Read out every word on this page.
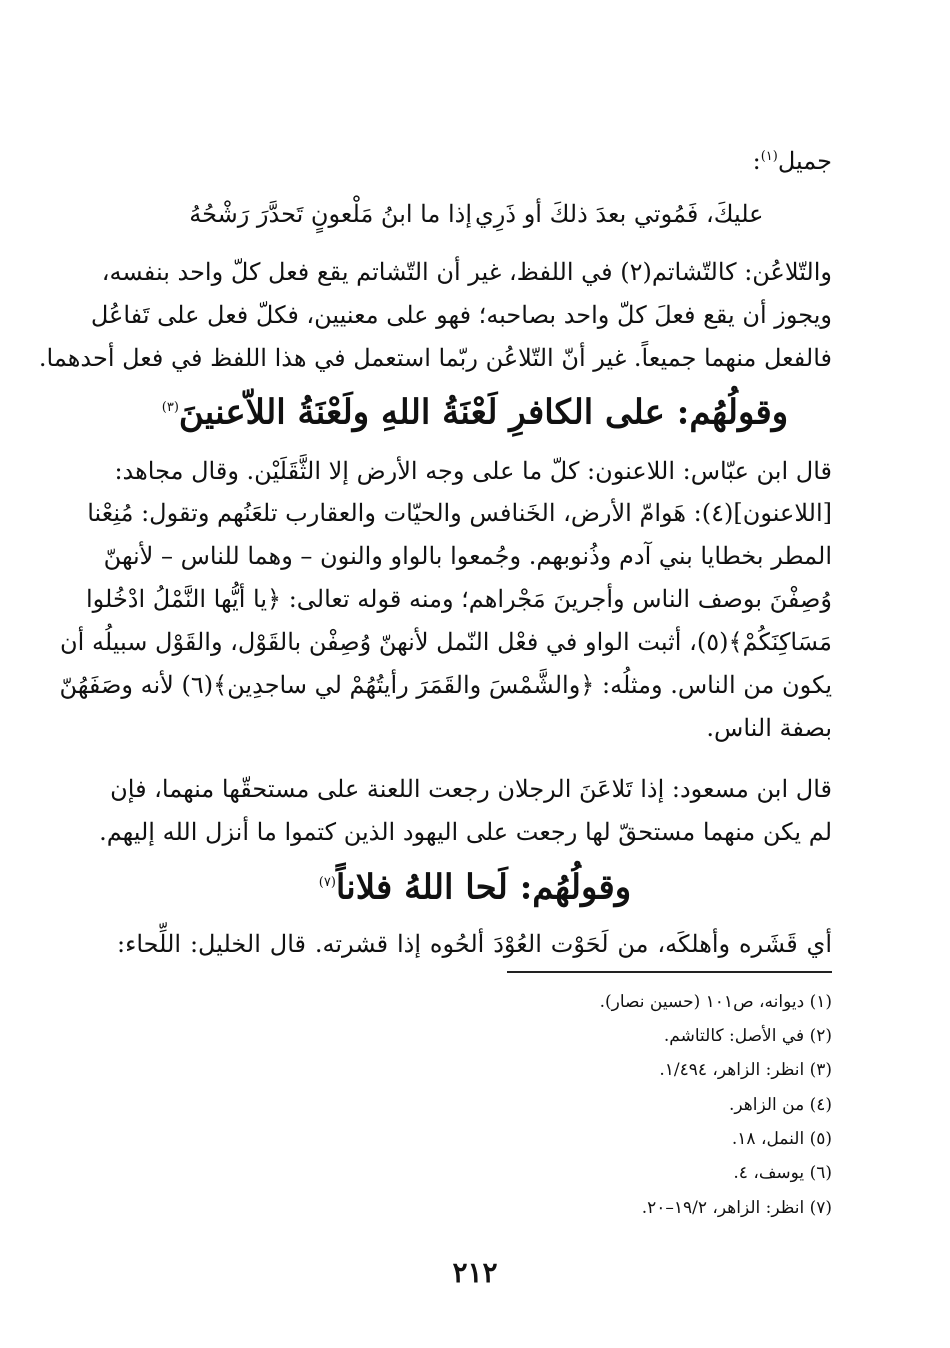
جميل$^{(١)}$:
إذا ما ابنُ مَلْعونٍ تَحدَّرَ رَشْحُهُ عليكَ، فَمُوتي بعدَ ذلكَ أو ذَرِي
والتّلاعُن: كالتّشاتم(٢) في اللفظ، غير أن التّشاتم يقع فعل كلّ واحد بنفسه،
ويجوز أن يقع فعلَ كلّ واحد بصاحبه؛ فهو على معنيين، فكلّ فعل على تَفاعُل
فالفعل منهما جميعاً. غير أنّ التّلاعُن ربّما استعمل في هذا اللفظ في فعل أحدهما.
وقولُهُم: على الكافرِ لَعْنَةُ اللهِ ولَعْنَةُ اللاّعنينَ$^{(٣)}$
قال ابن عبّاس: اللاعنون: كلّ ما على وجه الأرض إلا الثَّقَلَيْن. وقال مجاهد:
[اللاعنون](٤): هَوامّ الأرض، الخَنافس والحيّات والعقارب تلعَنُهم وتقول: مُنِعْنا
المطر بخطايا بني آدم وذُنوبهم. وجُمعوا بالواو والنون – وهما للناس – لأنهنّ
وُصِفْنَ بوصف الناس وأجرينَ مَجْراهم؛ ومنه قوله تعالى: ﴿يا أيُّها النَّمْلُ ادْخُلوا
مَسَاكِنَكُمْ﴾(٥)، أثبت الواو في فعْل النّمل لأنهنّ وُصِفْن بالقَوْل، والقَوْل سبيلُه أن
يكون من الناس. ومثلُه: ﴿والشَّمْسَ والقَمَرَ رأيتُهُمْ لي ساجدِين﴾(٦) لأنه وصَفَهُنّ
بصفة الناس.
قال ابن مسعود: إذا تَلاعَنَ الرجلان رجعت اللعنة على مستحقّها منهما، فإن
لم يكن منهما مستحقّ لها رجعت على اليهود الذين كتموا ما أنزل الله إليهم.
وقولُهُم: لَحا اللهُ فلاناً$^{(٧)}$
أي قَشَره وأهلكَه، من لَحَوْت العُوْدَ ألحُوه إذا قشرته. قال الخليل: اللِّحاء:
(١) ديوانه، ص١٠١ (حسين نصار).
(٢) في الأصل: كالتاشم.
(٣) انظر: الزاهر، ١/٤٩٤.
(٤) من الزاهر.
(٥) النمل، ١٨.
(٦) يوسف، ٤.
(٧) انظر: الزاهر، ١٩/٢–٢٠.
٢١٢
